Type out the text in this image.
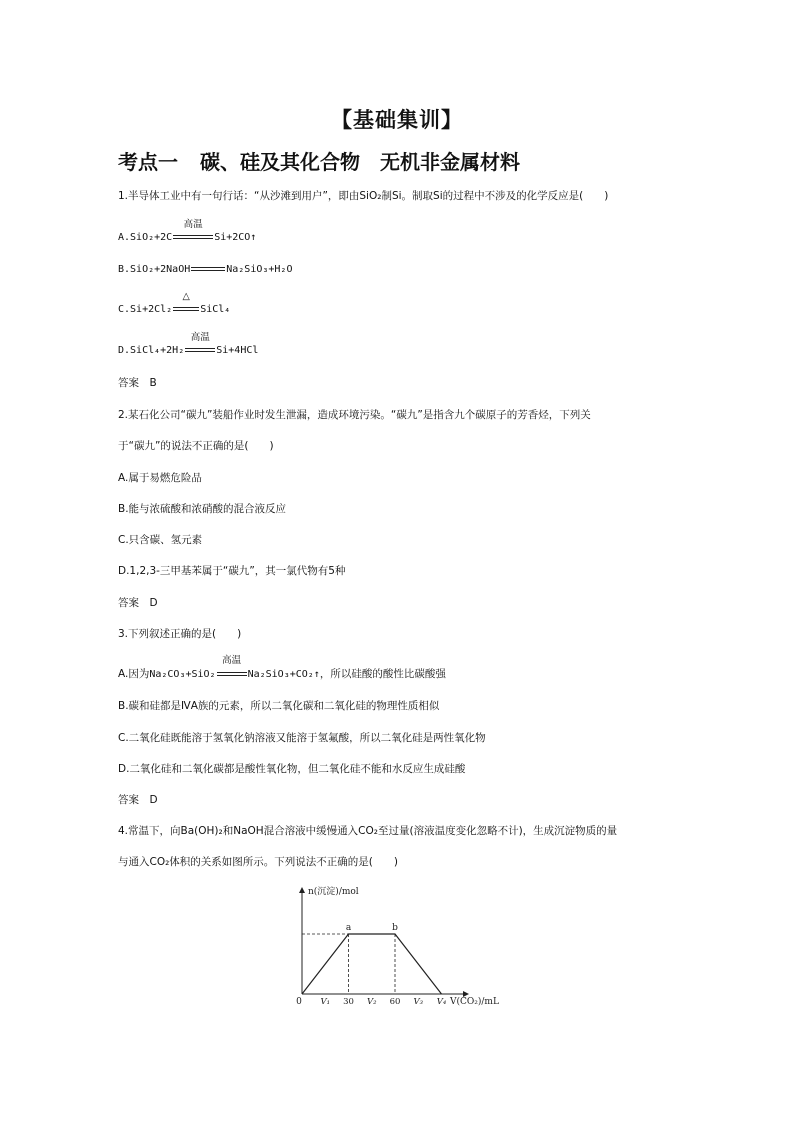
【基础集训】
考点一 碳、硅及其化合物　无机非金属材料
1.半导体工业中有一句行话：“从沙滩到用户”，即由SiO₂制Si。制取Si的过程中不涉及的化学反应是(　　)
A.SiO₂+2C
高温
Si+2CO↑
B.SiO₂+2NaOH	Na₂SiO₃+H₂O
C.Si+2Cl₂
△
SiCl₄
D.SiCl₄+2H₂
高温
Si+4HCl
答案　B
2.某石化公司“碳九”装船作业时发生泄漏，造成环境污染。“碳九”是指含九个碳原子的芳香烃，下列关
于“碳九”的说法不正确的是(　　)
A.属于易燃危险品
B.能与浓硫酸和浓硝酸的混合液反应
C.只含碳、氢元素
D.1,2,3-三甲基苯属于“碳九”，其一氯代物有5种
答案　D
3.下列叙述正确的是(　　)
A.因为Na₂CO₃+SiO₂
高温
Na₂SiO₃+CO₂↑，所以硅酸的酸性比碳酸强
B.碳和硅都是ⅣA族的元素，所以二氧化碳和二氧化硅的物理性质相似
C.二氧化硅既能溶于氢氧化钠溶液又能溶于氢氟酸，所以二氧化硅是两性氧化物
D.二氧化硅和二氧化碳都是酸性氧化物，但二氧化硅不能和水反应生成硅酸
答案　D
4.常温下，向Ba(OH)₂和NaOH混合溶液中缓慢通入CO₂至过量(溶液温度变化忽略不计)，生成沉淀物质的量
与通入CO₂体积的关系如图所示。下列说法不正确的是(　　)
n(沉淀)/mol
V(CO₂)/mL
0
a	b
V₁ 30 V₂ 60 V₃ V₄
